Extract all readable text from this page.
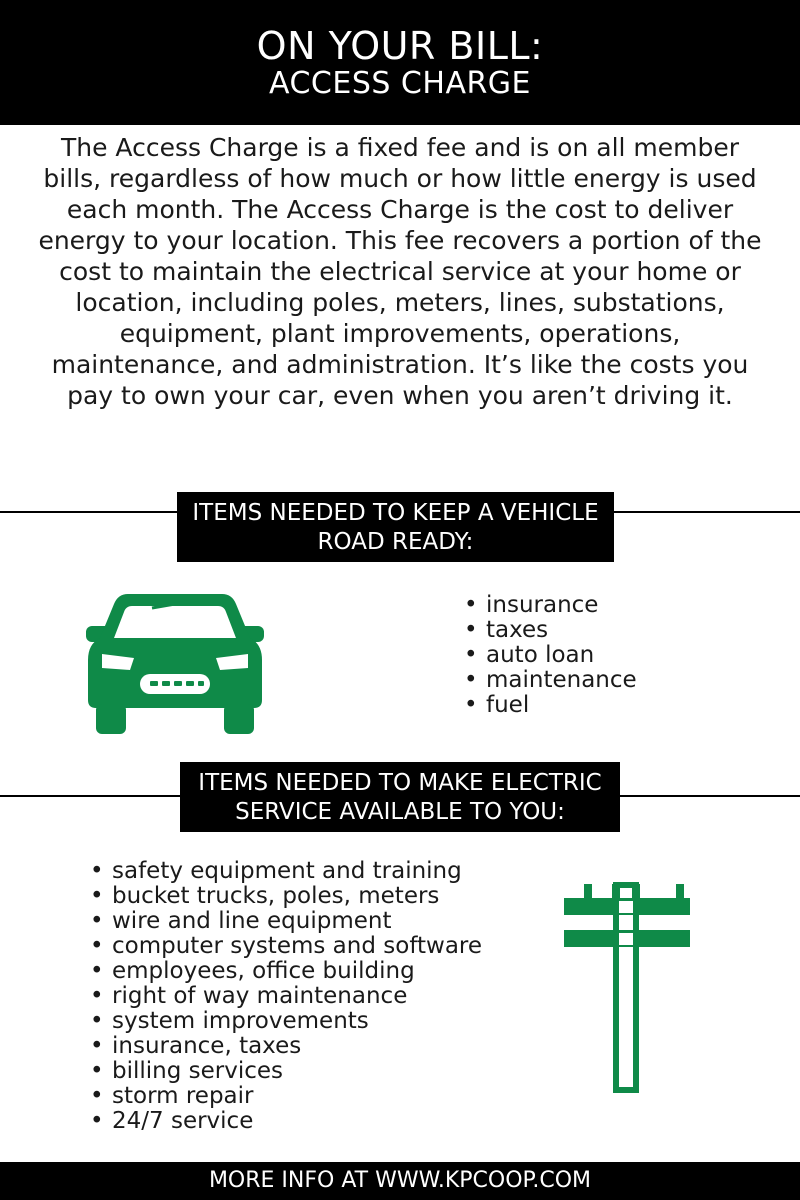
ON YOUR BILL:
ACCESS CHARGE
The Access Charge is a fixed fee and is on all member bills, regardless of how much or how little energy is used each month. The Access Charge is the cost to deliver energy to your location. This fee recovers a portion of the cost to maintain the electrical service at your home or location, including poles, meters, lines, substations, equipment, plant improvements, operations, maintenance, and administration. It’s like the costs you pay to own your car, even when you aren’t driving it.
ITEMS NEEDED TO KEEP A VEHICLE
ROAD READY:
• insurance
• taxes
• auto loan
• maintenance
• fuel
ITEMS NEEDED TO MAKE ELECTRIC
SERVICE AVAILABLE TO YOU:
• safety equipment and training
• bucket trucks, poles, meters
• wire and line equipment
• computer systems and software
• employees, office building
• right of way maintenance
• system improvements
• insurance, taxes
• billing services
• storm repair
• 24/7 service
MORE INFO AT WWW.KPCOOP.COM
